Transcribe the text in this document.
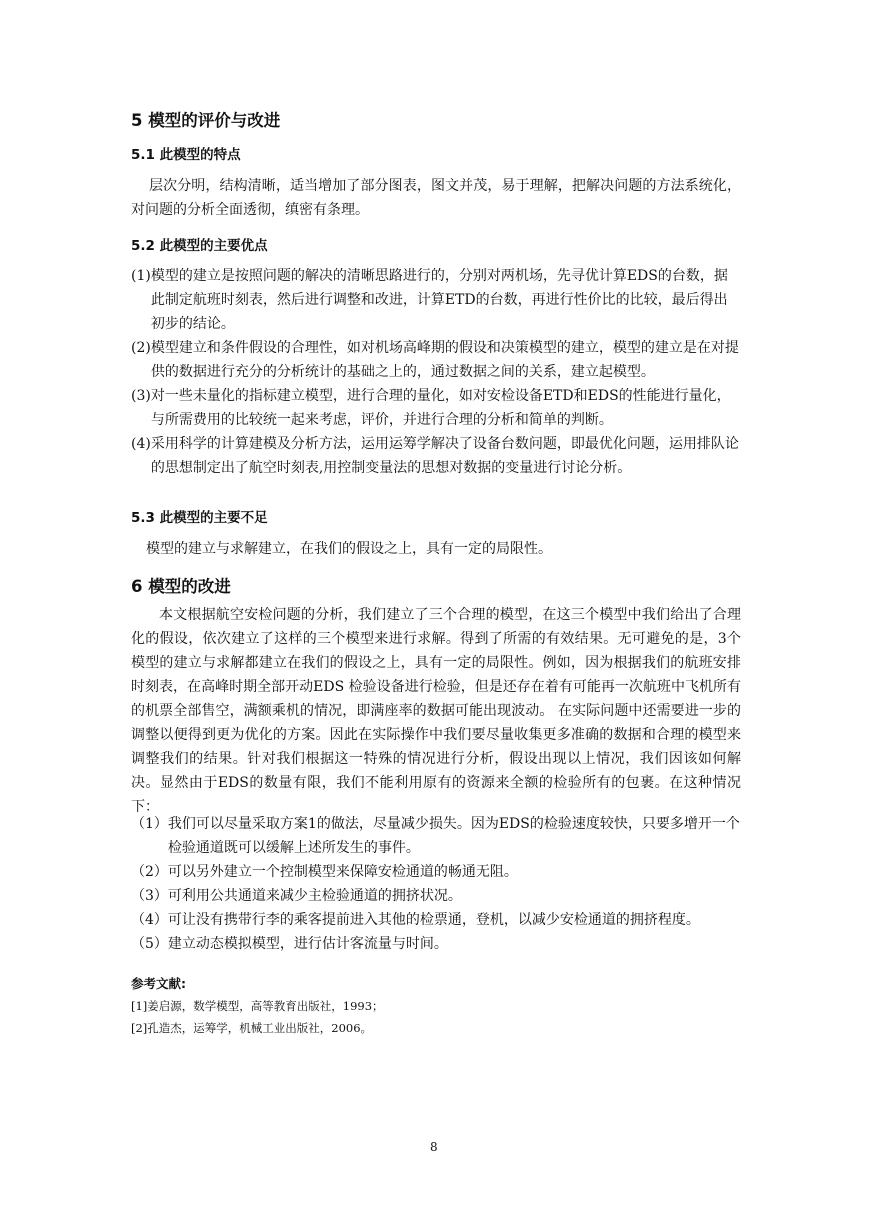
5 模型的评价与改进
5.1 此模型的特点

层次分明，结构清晰，适当增加了部分图表，图文并茂，易于理解，把解决问题的方法系统化，对问题的分析全面透彻，缜密有条理。

5.2 此模型的主要优点
(1) 模型的建立是按照问题的解决的清晰思路进行的，分别对两机场，先寻优计算EDS的台数，据此制定航班时刻表，然后进行调整和改进，计算ETD的台数，再进行性价比的比较，最后得出初步的结论。
(2) 模型建立和条件假设的合理性，如对机场高峰期的假设和决策模型的建立，模型的建立是在对提供的数据进行充分的分析统计的基础之上的，通过数据之间的关系，建立起模型。
(3) 对一些未量化的指标建立模型，进行合理的量化，如对安检设备ETD和EDS的性能进行量化，与所需费用的比较统一起来考虑，评价，并进行合理的分析和简单的判断。
(4) 采用科学的计算建模及分析方法，运用运筹学解决了设备台数问题，即最优化问题，运用排队论的思想制定出了航空时刻表,用控制变量法的思想对数据的变量进行讨论分析。
5.3 此模型的主要不足
模型的建立与求解建立，在我们的假设之上，具有一定的局限性。
6 模型的改进

本文根据航空安检问题的分析，我们建立了三个合理的模型，在这三个模型中我们给出了合理化的假设，依次建立了这样的三个模型来进行求解。得到了所需的有效结果。无可避免的是，3个模型的建立与求解都建立在我们的假设之上，具有一定的局限性。例如，因为根据我们的航班安排时刻表，在高峰时期全部开动EDS 检验设备进行检验，但是还存在着有可能再一次航班中飞机所有的机票全部售空，满额乘机的情况，即满座率的数据可能出现波动。 在实际问题中还需要进一步的调整以便得到更为优化的方案。因此在实际操作中我们要尽量收集更多准确的数据和合理的模型来调整我们的结果。针对我们根据这一特殊的情况进行分析，假设出现以上情况，我们因该如何解决。显然由于EDS的数量有限，我们不能利用原有的资源来全额的检验所有的包裹。在这种情况下：

（1） 我们可以尽量采取方案1的做法，尽量减少损失。因为EDS的检验速度较快，只要多增开一个检验通道既可以缓解上述所发生的事件。
（2） 可以另外建立一个控制模型来保障安检通道的畅通无阻。
（3） 可利用公共通道来减少主检验通道的拥挤状况。
（4） 可让没有携带行李的乘客提前进入其他的检票通，登机，以减少安检通道的拥挤程度。
（5） 建立动态模拟模型，进行估计客流量与时间。
参考文献:
[1]姜启源，数学模型，高等教育出版社，1993；
[2]孔造杰，运筹学，机械工业出版社，2006。
8
